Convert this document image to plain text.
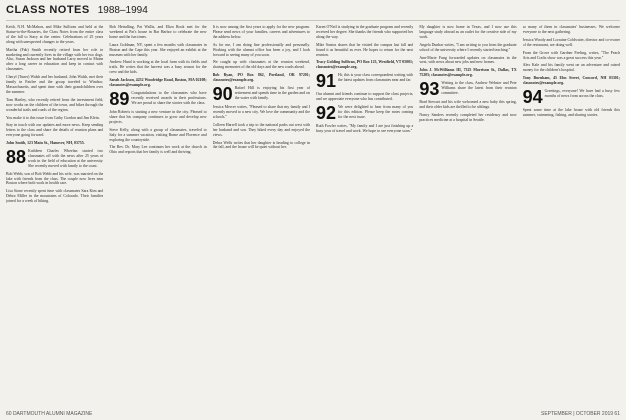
CLASS NOTES 1988–1994

Keith, N.H. McMahon, and Mike Sullivan and held at the Statue-to-the-Rosaries, the Class Notes from the entire class of the fall to Stacy at the center. Celebrations of 25 years along with unexpected changes to the years.

Martha (Fab) Smith recently retired from her role in marketing and currently lives in the village with her two dogs. Also, Susan Jackson and her husband Larry moved to Maine after a long career in education and keep in contact with classmates.

Cheryl (Tuner) Walsh and her husband, John Walsh, met their family in Fairlee and the group traveled to Windsor, Massachusetts, and spent time with their grandchildren over the summer.

Tom Hartley, who recently retired from the investment field, now works on the children of the town, and bikes through the wonderful trails and roads of the region.

You make it to this issue from Cathy Gordon and Jim Klein.

Stay in touch with our updates and more news. Keep sending letters to the class and share the details of reunion plans and everyone going forward.

John Smith, 123 Main St., Hanover, NH, 03755.

88 Kathleen Charles Wheelan started two classmates off with the news after 25 years of work in the field of education at the university. She recently moved with family to the coast.

Bob Webb, son of Bob Webb and his wife, was married on the lake with friends from the class. The couple now lives near Boston where both work in health care.

Lisa Stone recently spent time with classmates Sara Kim and Debra Miller in the mountains of Colorado. Their families joined for a week of hiking.

Bob Heindling, Pat Wallis, and Eliza Rook met for the weekend at Pat's house in Bar Harbor to celebrate the new home and the fun times.

Laura Goldman, NY, spent a few months with classmates in Boston and the Cape this year. She enjoyed an exhibit at the museum with her family.

Andrew Hand is working at the local farm with its fields and trails. He writes that the harvest was a busy season for the crew and the kids.

Sarah Jackson, 4252 Woodridge Road, Boston, MA 02108; classnotes@example.org.

89 Congratulations to the classmates who have recently received awards in their professions. We are proud to share the stories with the class.

John Roberts is starting a new venture in the city. Pleased to share that his company continues to grow and develop new projects.

Steve Kelly, along with a group of classmates, traveled to Italy for a summer vacation, visiting Rome and Florence and exploring the countryside.

The Rev. Dr. Mary Lee continues her work at the church in Ohio and reports that her family is well and thriving.

It is now among the first years to apply for the new program. Please send news of your families, careers and adventures to the address below.

As for me, I am doing fine professionally and personally. Working with the alumni office has been a joy, and I look forward to seeing many of you soon.

We caught up with classmates at the reunion weekend, sharing memories of the old days and the new roads ahead.

Bob Ryan, PO Box 862, Portland, OR 97201; classnotes@example.org.

90 Rafael Hill is enjoying his first year of retirement and spends time in the garden and on the water with family.

Jessica Mercer writes, "Pleased to share that my family and I recently moved to a new city. We love the community and the schools."

Colleen Harrell took a trip to the national parks out west with her husband and son. They hiked every day and enjoyed the views.

Debra Wells writes that her daughter is heading to college in the fall, and the house will be quiet without her.

Karen O'Neil is studying in the graduate program and recently received her degree. She thanks the friends who supported her along the way.

Mike Santos shares that he visited the campus last fall and found it as beautiful as ever. He hopes to return for the next reunion.

Tracy Golding Sullivan, PO Box 123, Westfield, VT 05001; classnotes@example.org.

91 Hi, this is your class correspondent writing with the latest updates from classmates near and far.

Our alumni and friends continue to support the class projects, and we appreciate everyone who has contributed.

92 We were delighted to hear from many of you for this edition. Please keep the notes coming for the next issue.

Ruth Fowler writes, "My family and I are just finishing up a busy year of travel and work. We hope to see everyone soon."

My daughter is now home in Texas, and I now use this language study abroad as an outlet for the creative side of my work.

Angela Dunbar writes, "I am writing to you from the graduate school of the university where I recently started teaching."

Ann-Marie Fung forwarded updates on classmates in the west, with news about new jobs and new homes.

John J. McWilliams III, 7325 Morrison St., Dallas, TX 75205; classnotes@example.org.

93 Writing to the class, Andrew Webster and Pete Williams share the latest from their reunion committee.

Brad Stewart and his wife welcomed a new baby this spring, and their older kids are thrilled to be siblings.

Nancy Sanders recently completed her residency and now practices medicine at a hospital in Seattle.

so many of them in classmates’ businesses. We welcome everyone to the next gathering.

Jessica Woody and Lorraine Coldwater, director and co-owner of the restaurant, are doing well.

From the Grove with Gardner Feeling, writes, "The Peach Arts and Crafts show was a great success this year."

Alex Kale and his family went on an adventure and raised money for the children's hospital.

Tony Burnham, 45 Elm Street, Concord, NH 03301; classnotes@example.org.

94 Greetings, everyone! We have had a busy few months of news from across the class.

Spent some time at the lake house with old friends this summer, swimming, fishing, and sharing stories.

60 DARTMOUTH ALUMNI MAGAZINE	SEPTEMBER | OCTOBER 2019 61
